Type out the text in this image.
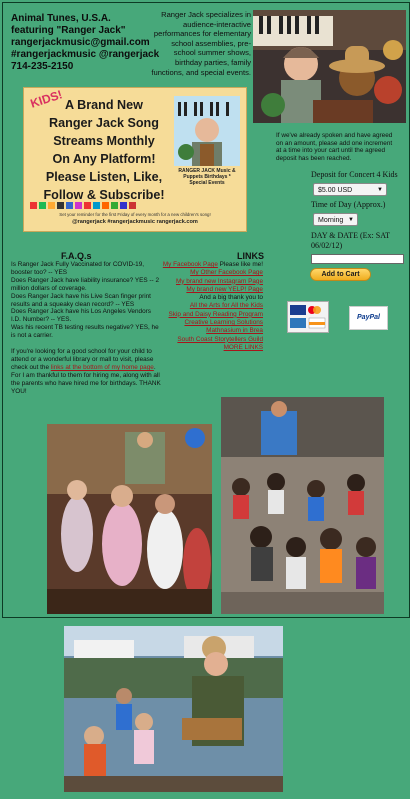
Animal Tunes, U.S.A.
featuring "Ranger Jack"
rangerjackmusic@gmail.com
#rangerjackmusic @rangerjack
714-235-2150
Ranger Jack specializes in audience-interactive performances for elementary school assemblies, pre-school summer shows, birthday parties, family functions, and special events.
KIDS! A Brand New
Ranger Jack Song
Streams Monthly
On Any Platform!
Please Listen, Like,
Follow & Subscribe!
RANGER JACK Music & Puppets Birthdays * Special Events
Set your reminder for the first Friday of every month for a new children's song!
@rangerjack #rangerjackmusic rangerjack.com
If we've already spoken and have agreed on an amount, please add one increment at a time into your cart until the agreed deposit has been reached.
Deposit for Concert 4 Kids
$5.00 USD	▼
Time of Day (Approx.)
Morning ▼
DAY & DATE (Ex: SAT 06/02/12)
Add to Cart
PayPal
F.A.Q.s
Is Ranger Jack Fully Vaccinated for COVID-19, booster too? -- YES
Does Ranger Jack have liability insurance? YES -- 2 million dollars of coverage.
Does Ranger Jack have his Live Scan finger print results and a squeaky clean record? -- YES
Does Ranger Jack have his Los Angeles Vendors I.D. Number? -- YES.
Was his recent TB testing results negative? YES, he is not a carrier.
If you're looking for a good school for your child to attend or a wonderful library or mall to visit, please check out the links at the bottom of my home page. For I am thankful to them for hiring me, along with all the parents who have hired me for birthdays. THANK YOU!
LINKS
My Facebook Page Please like me!
My Other Facebook Page
My brand new Instagram Page
My brand new YELP! Page
And a big thank you to
All the Arts for All the Kids
Skip and Daisy Reading Program
Creative Learning Solutions
Mathnasium in Brea
South Coast Storytellers Guild
MORE LINKS
